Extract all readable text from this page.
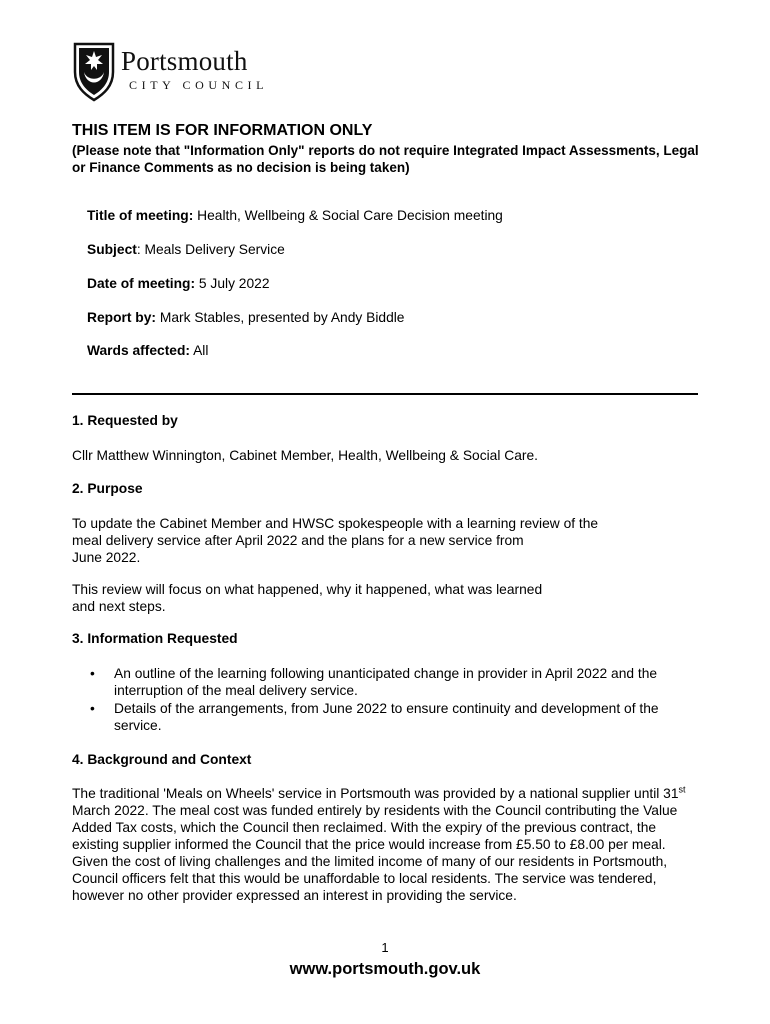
Portsmouth
CITY COUNCIL
THIS ITEM IS FOR INFORMATION ONLY
(Please note that "Information Only" reports do not require Integrated Impact Assessments, Legal or Finance Comments as no decision is being taken)
Title of meeting: Health, Wellbeing & Social Care Decision meeting
Subject: Meals Delivery Service
Date of meeting: 5 July 2022
Report by: Mark Stables, presented by Andy Biddle
Wards affected: All
1. Requested by
Cllr Matthew Winnington, Cabinet Member, Health, Wellbeing & Social Care.
2. Purpose
To update the Cabinet Member and HWSC spokespeople with a learning review of the
meal delivery service after April 2022 and the plans for a new service from
June 2022.
This review will focus on what happened, why it happened, what was learned
and next steps.
3. Information Requested
• An outline of the learning following unanticipated change in provider in April 2022 and the interruption of the meal delivery service.
• Details of the arrangements, from June 2022 to ensure continuity and development of the service.
4. Background and Context
The traditional 'Meals on Wheels' service in Portsmouth was provided by a national supplier until 31st March 2022. The meal cost was funded entirely by residents with the Council contributing the Value Added Tax costs, which the Council then reclaimed. With the expiry of the previous contract, the existing supplier informed the Council that the price would increase from £5.50 to £8.00 per meal. Given the cost of living challenges and the limited income of many of our residents in Portsmouth, Council officers felt that this would be unaffordable to local residents. The service was tendered, however no other provider expressed an interest in providing the service.
1
www.portsmouth.gov.uk
